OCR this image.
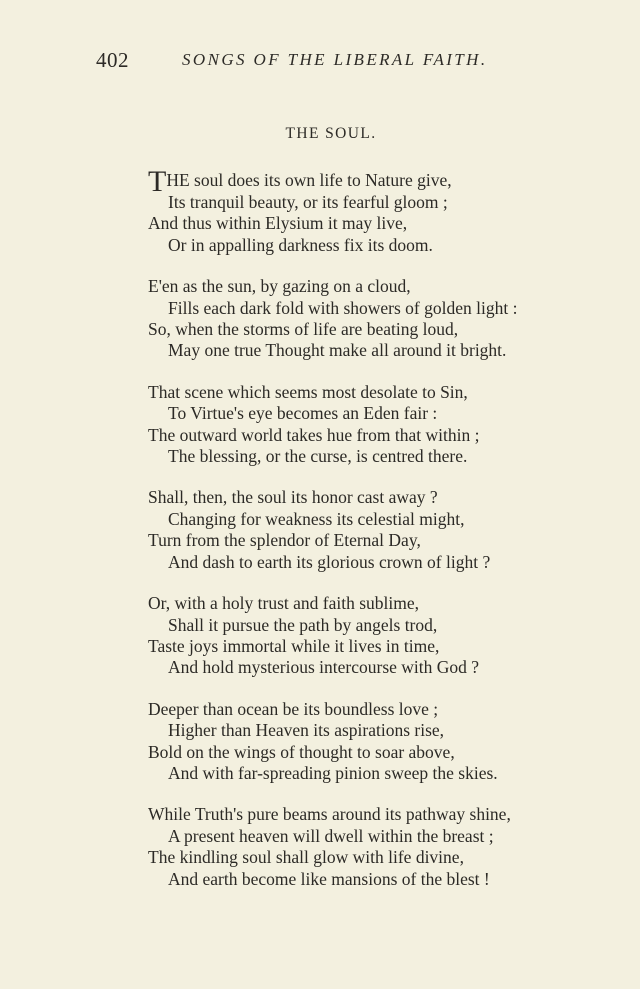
402	SONGS OF THE LIBERAL FAITH.
THE SOUL.
THE soul does its own life to Nature give,
Its tranquil beauty, or its fearful gloom ;
And thus within Elysium it may live,
Or in appalling darkness fix its doom.
E'en as the sun, by gazing on a cloud,
Fills each dark fold with showers of golden light :
So, when the storms of life are beating loud,
May one true Thought make all around it bright.
That scene which seems most desolate to Sin,
To Virtue's eye becomes an Eden fair :
The outward world takes hue from that within ;
The blessing, or the curse, is centred there.
Shall, then, the soul its honor cast away ?
Changing for weakness its celestial might,
Turn from the splendor of Eternal Day,
And dash to earth its glorious crown of light ?
Or, with a holy trust and faith sublime,
Shall it pursue the path by angels trod,
Taste joys immortal while it lives in time,
And hold mysterious intercourse with God ?
Deeper than ocean be its boundless love ;
Higher than Heaven its aspirations rise,
Bold on the wings of thought to soar above,
And with far-spreading pinion sweep the skies.
While Truth's pure beams around its pathway shine,
A present heaven will dwell within the breast ;
The kindling soul shall glow with life divine,
And earth become like mansions of the blest !
